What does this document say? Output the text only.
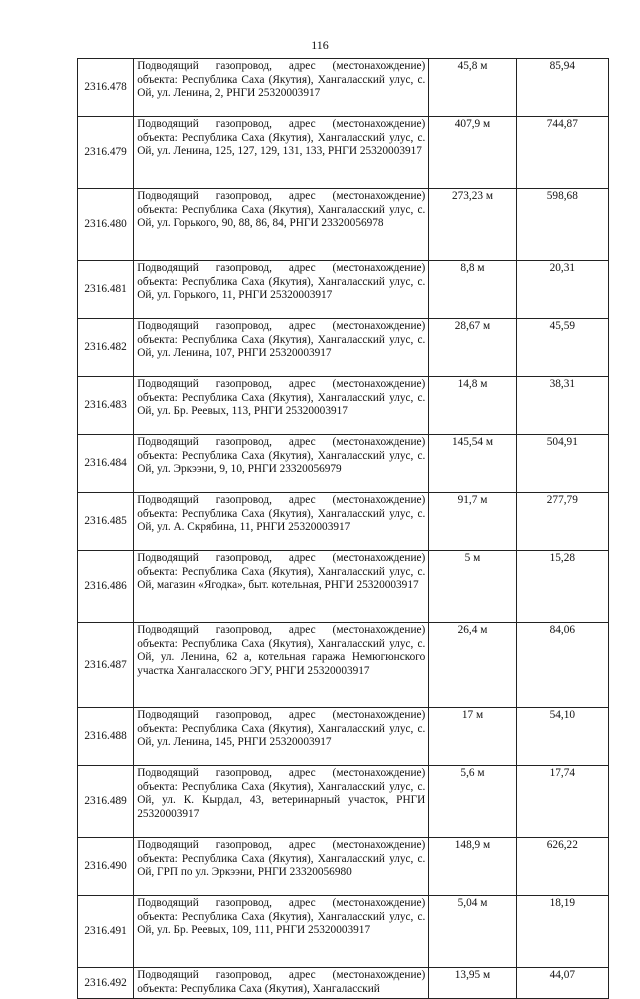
116
2316.478	Подводящий газопровод, адрес (местонахождение) объекта: Республика Саха (Якутия), Хангаласский улус, с. Ой, ул. Ленина, 2, РНГИ 25320003917	45,8 м	85,94
2316.479	Подводящий газопровод, адрес (местонахождение) объекта: Республика Саха (Якутия), Хангаласский улус, с. Ой, ул. Ленина, 125, 127, 129, 131, 133, РНГИ 25320003917	407,9 м	744,87
2316.480	Подводящий газопровод, адрес (местонахождение) объекта: Республика Саха (Якутия), Хангаласский улус, с. Ой, ул. Горького, 90, 88, 86, 84, РНГИ 23320056978	273,23 м	598,68
2316.481	Подводящий газопровод, адрес (местонахождение) объекта: Республика Саха (Якутия), Хангаласский улус, с. Ой, ул. Горького, 11, РНГИ 25320003917	8,8 м	20,31
2316.482	Подводящий газопровод, адрес (местонахождение) объекта: Республика Саха (Якутия), Хангаласский улус, с. Ой, ул. Ленина, 107, РНГИ 25320003917	28,67 м	45,59
2316.483	Подводящий газопровод, адрес (местонахождение) объекта: Республика Саха (Якутия), Хангаласский улус, с. Ой, ул. Бр. Реевых, 113, РНГИ 25320003917	14,8 м	38,31
2316.484	Подводящий газопровод, адрес (местонахождение) объекта: Республика Саха (Якутия), Хангаласский улус, с. Ой, ул. Эркээни, 9, 10, РНГИ 23320056979	145,54 м	504,91
2316.485	Подводящий газопровод, адрес (местонахождение) объекта: Республика Саха (Якутия), Хангаласский улус, с. Ой, ул. А. Скрябина, 11, РНГИ 25320003917	91,7 м	277,79
2316.486	Подводящий газопровод, адрес (местонахождение) объекта: Республика Саха (Якутия), Хангаласский улус, с. Ой, магазин «Ягодка», быт. котельная, РНГИ 25320003917	5 м	15,28
2316.487	Подводящий газопровод, адрес (местонахождение) объекта: Республика Саха (Якутия), Хангаласский улус, с. Ой, ул. Ленина, 62 а, котельная гаража Немюгюнского участка Хангаласского ЭГУ, РНГИ 25320003917	26,4 м	84,06
2316.488	Подводящий газопровод, адрес (местонахождение) объекта: Республика Саха (Якутия), Хангаласский улус, с. Ой, ул. Ленина, 145, РНГИ 25320003917	17 м	54,10
2316.489	Подводящий газопровод, адрес (местонахождение) объекта: Республика Саха (Якутия), Хангаласский улус, с. Ой, ул. К. Кырдал, 43, ветеринарный участок, РНГИ 25320003917	5,6 м	17,74
2316.490	Подводящий газопровод, адрес (местонахождение) объекта: Республика Саха (Якутия), Хангаласский улус, с. Ой, ГРП по ул. Эркээни, РНГИ 23320056980	148,9 м	626,22
2316.491	Подводящий газопровод, адрес (местонахождение) объекта: Республика Саха (Якутия), Хангаласский улус, с. Ой, ул. Бр. Реевых, 109, 111, РНГИ 25320003917	5,04 м	18,19
2316.492	Подводящий газопровод, адрес (местонахождение) объекта: Республика Саха (Якутия), Хангаласский	13,95 м	44,07
